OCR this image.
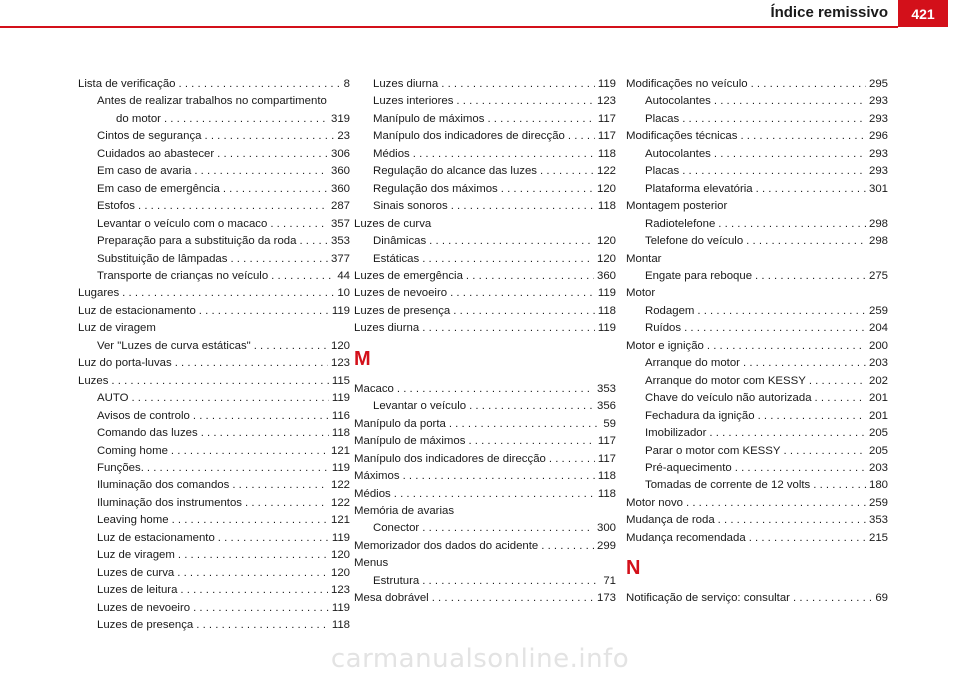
Índice remissivo	421
Lista de verificação . . .	8
Antes de realizar trabalhos no compartimento
do motor . . .	319
Cintos de segurança . . .	23
Cuidados ao abastecer . . .	306
Em caso de avaria . . .	360
Em caso de emergência . . .	360
Estofos . . .	287
Levantar o veículo com o macaco . . .	357
Preparação para a substituição da roda . . .	353
Substituição de lâmpadas . . .	377
Transporte de crianças no veículo . . .	44
Lugares . . .	10
Luz de estacionamento . . .	119
Luz de viragem
Ver "Luzes de curva estáticas" . . .	120
Luz do porta-luvas . . .	123
Luzes . . .	115
AUTO . . .	119
Avisos de controlo . . .	116
Comando das luzes . . .	118
Coming home . . .	121
Funções. . . .	119
Iluminação dos comandos . . .	122
Iluminação dos instrumentos . . .	122
Leaving home . . .	121
Luz de estacionamento . . .	119
Luz de viragem . . .	120
Luzes de curva . . .	120
Luzes de leitura . . .	123
Luzes de nevoeiro . . .	119
Luzes de presença . . .	118
Luzes diurna . . .	119
Luzes interiores . . .	123
Manípulo de máximos . . .	117
Manípulo dos indicadores de direcção . . .	117
Médios . . .	118
Regulação do alcance das luzes . . .	122
Regulação dos máximos . . .	120
Sinais sonoros . . .	118
Luzes de curva
Dinâmicas . . .	120
Estáticas . . .	120
Luzes de emergência . . .	360
Luzes de nevoeiro . . .	119
Luzes de presença . . .	118
Luzes diurna . . .	119
M
Macaco . . .	353
Levantar o veículo . . .	356
Manípulo da porta . . .	59
Manípulo de máximos . . .	117
Manípulo dos indicadores de direcção . . .	117
Máximos . . .	118
Médios . . .	118
Memória de avarias
Conector . . .	300
Memorizador dos dados do acidente . . .	299
Menus
Estrutura . . .	71
Mesa dobrável . . .	173
Modificações no veículo . . .	295
Autocolantes . . .	293
Placas . . .	293
Modificações técnicas . . .	296
Autocolantes . . .	293
Placas . . .	293
Plataforma elevatória . . .	301
Montagem posterior
Radiotelefone . . .	298
Telefone do veículo . . .	298
Montar
Engate para reboque . . .	275
Motor
Rodagem . . .	259
Ruídos . . .	204
Motor e ignição . . .	200
Arranque do motor . . .	203
Arranque do motor com KESSY . . .	202
Chave do veículo não autorizada . . .	201
Fechadura da ignição . . .	201
Imobilizador . . .	205
Parar o motor com KESSY . . .	205
Pré-aquecimento . . .	203
Tomadas de corrente de 12 volts . . .	180
Motor novo . . .	259
Mudança de roda . . .	353
Mudança recomendada . . .	215
N
Notificação de serviço: consultar . . .	69
carmanualsonline.info
